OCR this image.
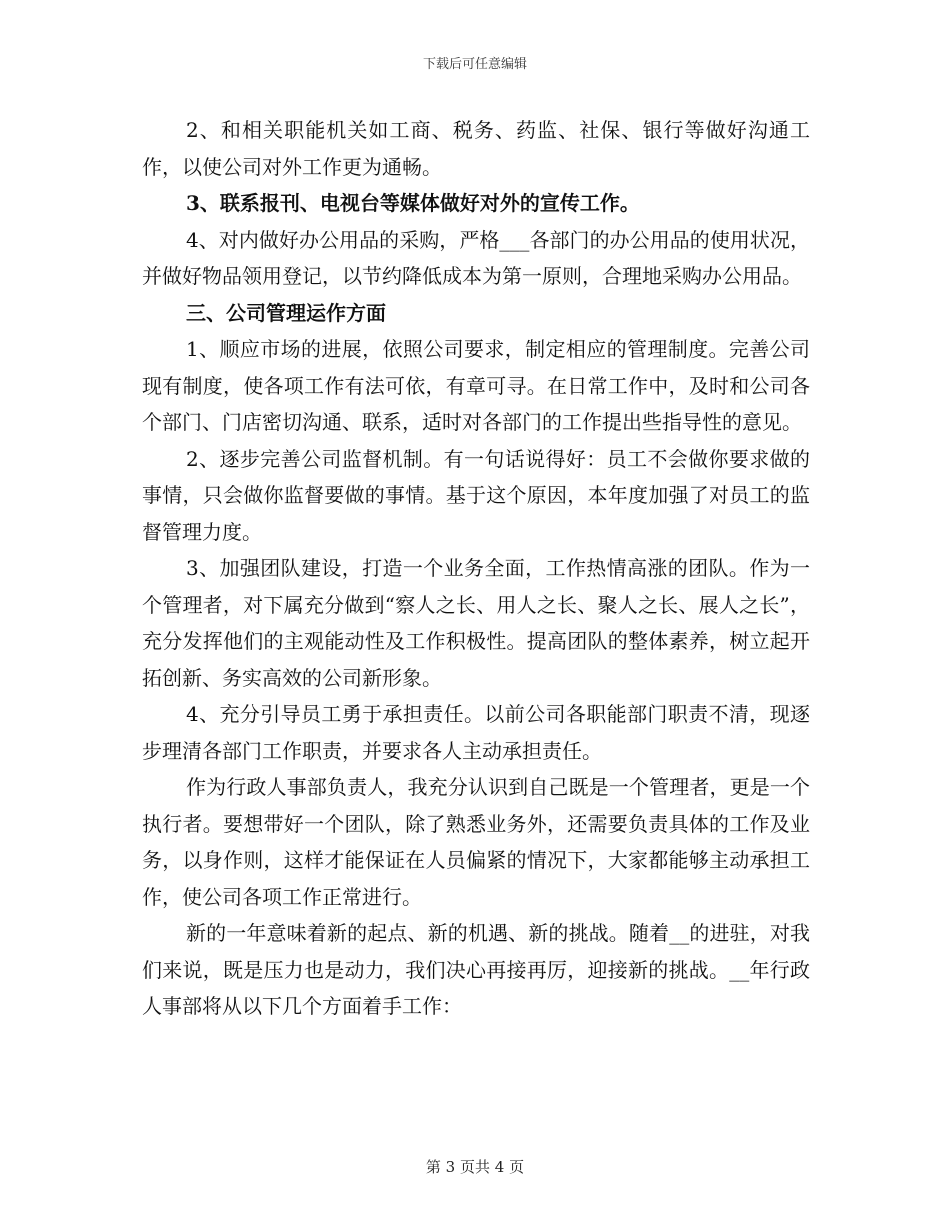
下载后可任意编辑

2、和相关职能机关如工商、税务、药监、社保、银行等做好沟通工作，以使公司对外工作更为通畅。

3、联系报刊、电视台等媒体做好对外的宣传工作。

4、对内做好办公用品的采购，严格___各部门的办公用品的使用状况，并做好物品领用登记，以节约降低成本为第一原则，合理地采购办公用品。

三、公司管理运作方面

1、顺应市场的进展，依照公司要求，制定相应的管理制度。完善公司现有制度，使各项工作有法可依，有章可寻。在日常工作中，及时和公司各个部门、门店密切沟通、联系，适时对各部门的工作提出些指导性的意见。

2、逐步完善公司监督机制。有一句话说得好：员工不会做你要求做的事情，只会做你监督要做的事情。基于这个原因，本年度加强了对员工的监督管理力度。

3、加强团队建设，打造一个业务全面，工作热情高涨的团队。作为一个管理者，对下属充分做到“察人之长、用人之长、聚人之长、展人之长”，充分发挥他们的主观能动性及工作积极性。提高团队的整体素养，树立起开拓创新、务实高效的公司新形象。

4、充分引导员工勇于承担责任。以前公司各职能部门职责不清，现逐步理清各部门工作职责，并要求各人主动承担责任。

作为行政人事部负责人，我充分认识到自己既是一个管理者，更是一个执行者。要想带好一个团队，除了熟悉业务外，还需要负责具体的工作及业务，以身作则，这样才能保证在人员偏紧的情况下，大家都能够主动承担工作，使公司各项工作正常进行。

新的一年意味着新的起点、新的机遇、新的挑战。随着__的进驻，对我们来说，既是压力也是动力，我们决心再接再厉，迎接新的挑战。__年行政人事部将从以下几个方面着手工作：

第 3 页共 4 页
